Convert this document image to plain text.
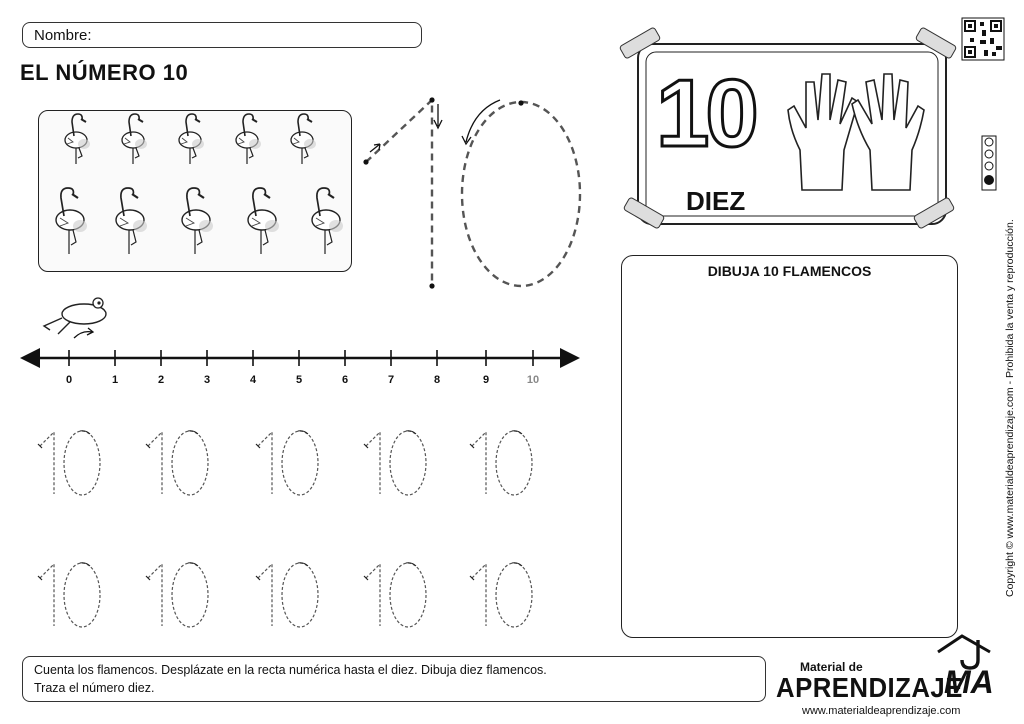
Nombre:
EL NÚMERO 10
0	1	2	3	4	5	6	7	8	9	10
10
DIEZ
DIBUJA 10 FLAMENCOS	Copyright © www.materialdeaprendizaje.com - Prohibida la venta y reproducción.
Cuenta los flamencos. Desplázate en la recta numérica hasta el diez. Dibuja diez flamencos.
Traza el número diez.
Material de
APRENDIZAJE
MA
www.materialdeaprendizaje.com
